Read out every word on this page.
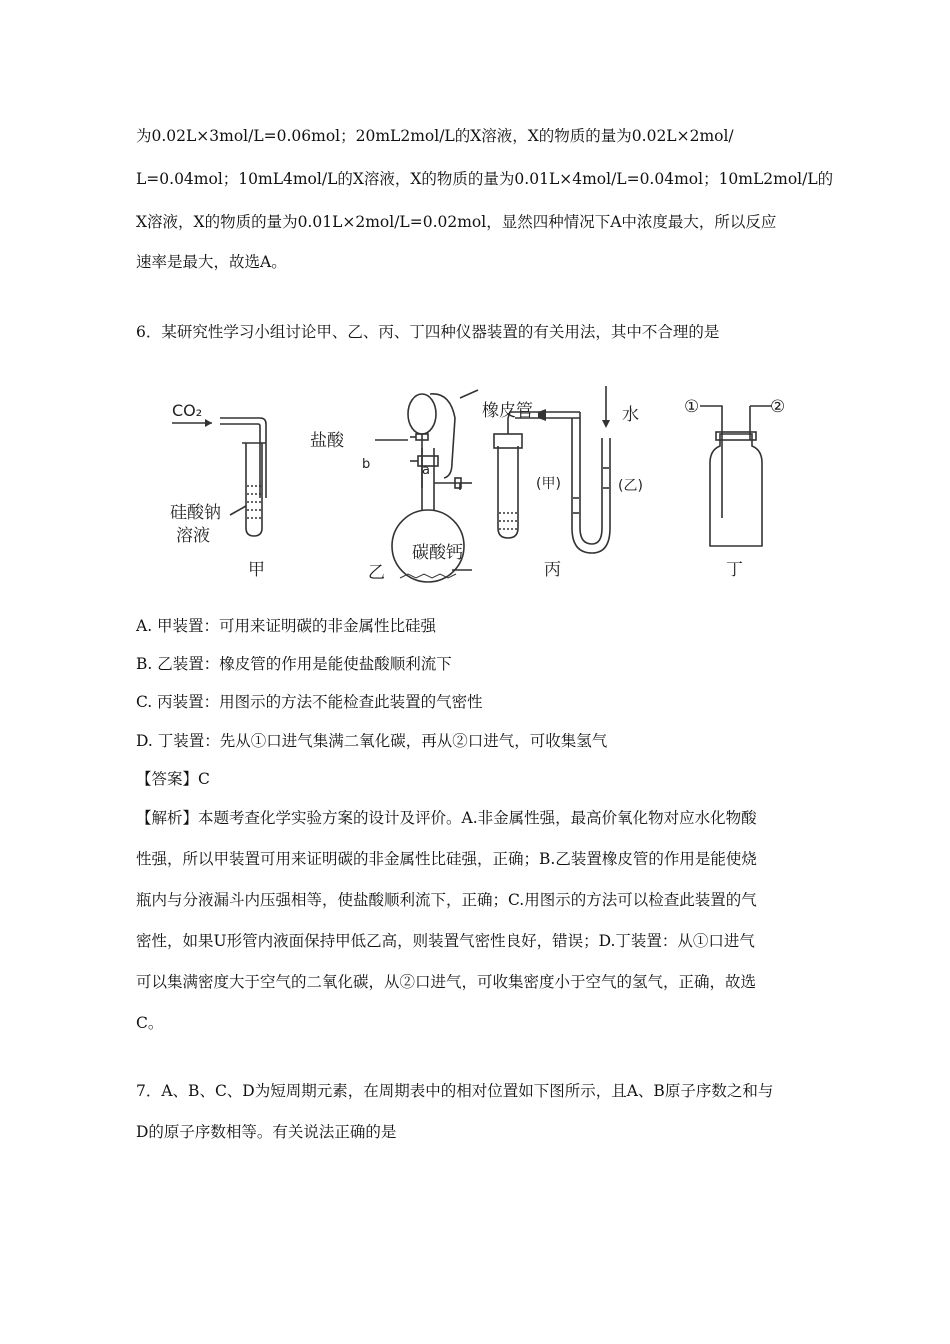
为0.02L×3mol/L=0.06mol；20mL2mol/L的X溶液，X的物质的量为0.02L×2mol/
L=0.04mol；10mL4mol/L的X溶液，X的物质的量为0.01L×4mol/L=0.04mol；10mL2mol/L的
X溶液，X的物质的量为0.01L×2mol/L=0.02mol，显然四种情况下A中浓度最大，所以反应
速率是最大，故选A。
6．某研究性学习小组讨论甲、乙、丙、丁四种仪器装置的有关用法，其中不合理的是
CO₂
硅酸钠
溶液
甲
橡皮管
盐酸
b	a
碳酸钙
乙
水
(甲)	(乙)
丙
①	②
丁
A. 甲装置：可用来证明碳的非金属性比硅强
B. 乙装置：橡皮管的作用是能使盐酸顺利流下
C. 丙装置：用图示的方法不能检查此装置的气密性
D. 丁装置：先从①口进气集满二氧化碳，再从②口进气，可收集氢气
【答案】C
【解析】本题考查化学实验方案的设计及评价。A.非金属性强，最高价氧化物对应水化物酸
性强，所以甲装置可用来证明碳的非金属性比硅强，正确；B.乙装置橡皮管的作用是能使烧
瓶内与分液漏斗内压强相等，使盐酸顺利流下，正确；C.用图示的方法可以检查此装置的气
密性，如果U形管内液面保持甲低乙高，则装置气密性良好，错误；D.丁装置：从①口进气
可以集满密度大于空气的二氧化碳，从②口进气，可收集密度小于空气的氢气，正确，故选
C。
7．A、B、C、D为短周期元素，在周期表中的相对位置如下图所示，且A、B原子序数之和与
D的原子序数相等。有关说法正确的是
